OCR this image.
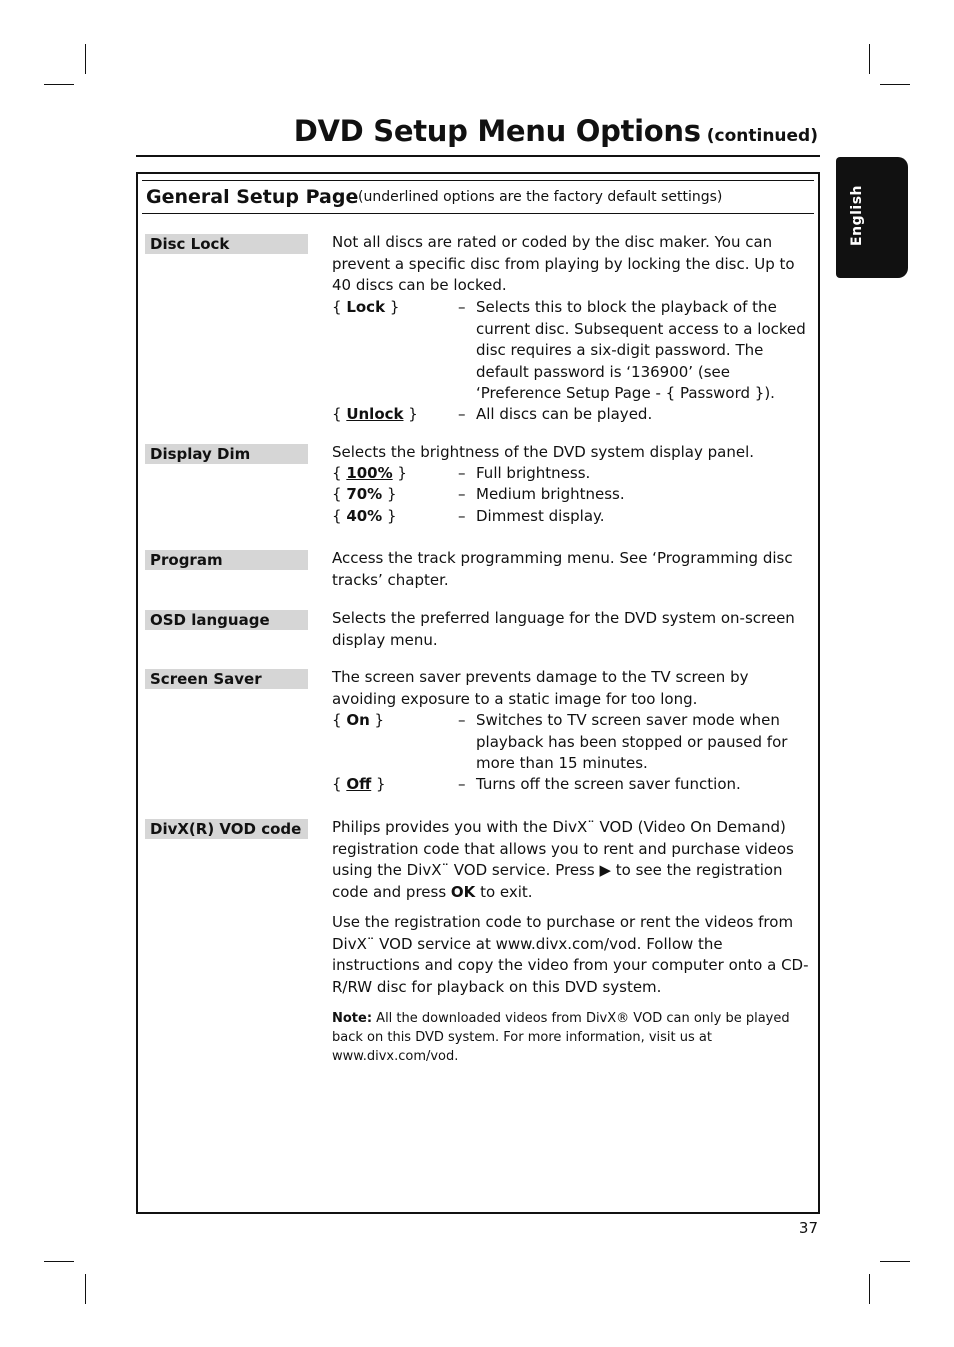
DVD Setup Menu Options (continued)
English
General Setup Page (underlined options are the factory default settings)
Disc Lock	Not all discs are rated or coded by the disc maker. You can prevent a specific disc from playing by locking the disc. Up to 40 discs can be locked.

{ Lock }	– Selects this to block the playback of the current disc. Subsequent access to a locked disc requires a six-digit password. The default password is ‘136900’ (see ‘Preference Setup Page - { Password }).

{ Unlock }	– All discs can be played.

Display Dim	Selects the brightness of the DVD system display panel.

{ 100% }	– Full brightness.

{ 70% }	– Medium brightness.

{ 40% }	– Dimmest display.

Program	Access the track programming menu. See ‘Programming disc tracks’ chapter.

OSD language	Selects the preferred language for the DVD system on-screen display menu.

Screen Saver	The screen saver prevents damage to the TV screen by avoiding exposure to a static image for too long.

{ On }	– Switches to TV screen saver mode when playback has been stopped or paused for more than 15 minutes.

{ Off }	– Turns off the screen saver function.

DivX(R) VOD code	Philips provides you with the DivX¨ VOD (Video On Demand) registration code that allows you to rent and purchase videos using the DivX¨ VOD service. Press ▶ to see the registration code and press OK to exit.

Use the registration code to purchase or rent the videos from DivX¨ VOD service at www.divx.com/vod. Follow the instructions and copy the video from your computer onto a CD-R/RW disc for playback on this DVD system.

Note: All the downloaded videos from DivX® VOD can only be played back on this DVD system. For more information, visit us at www.divx.com/vod.

37
